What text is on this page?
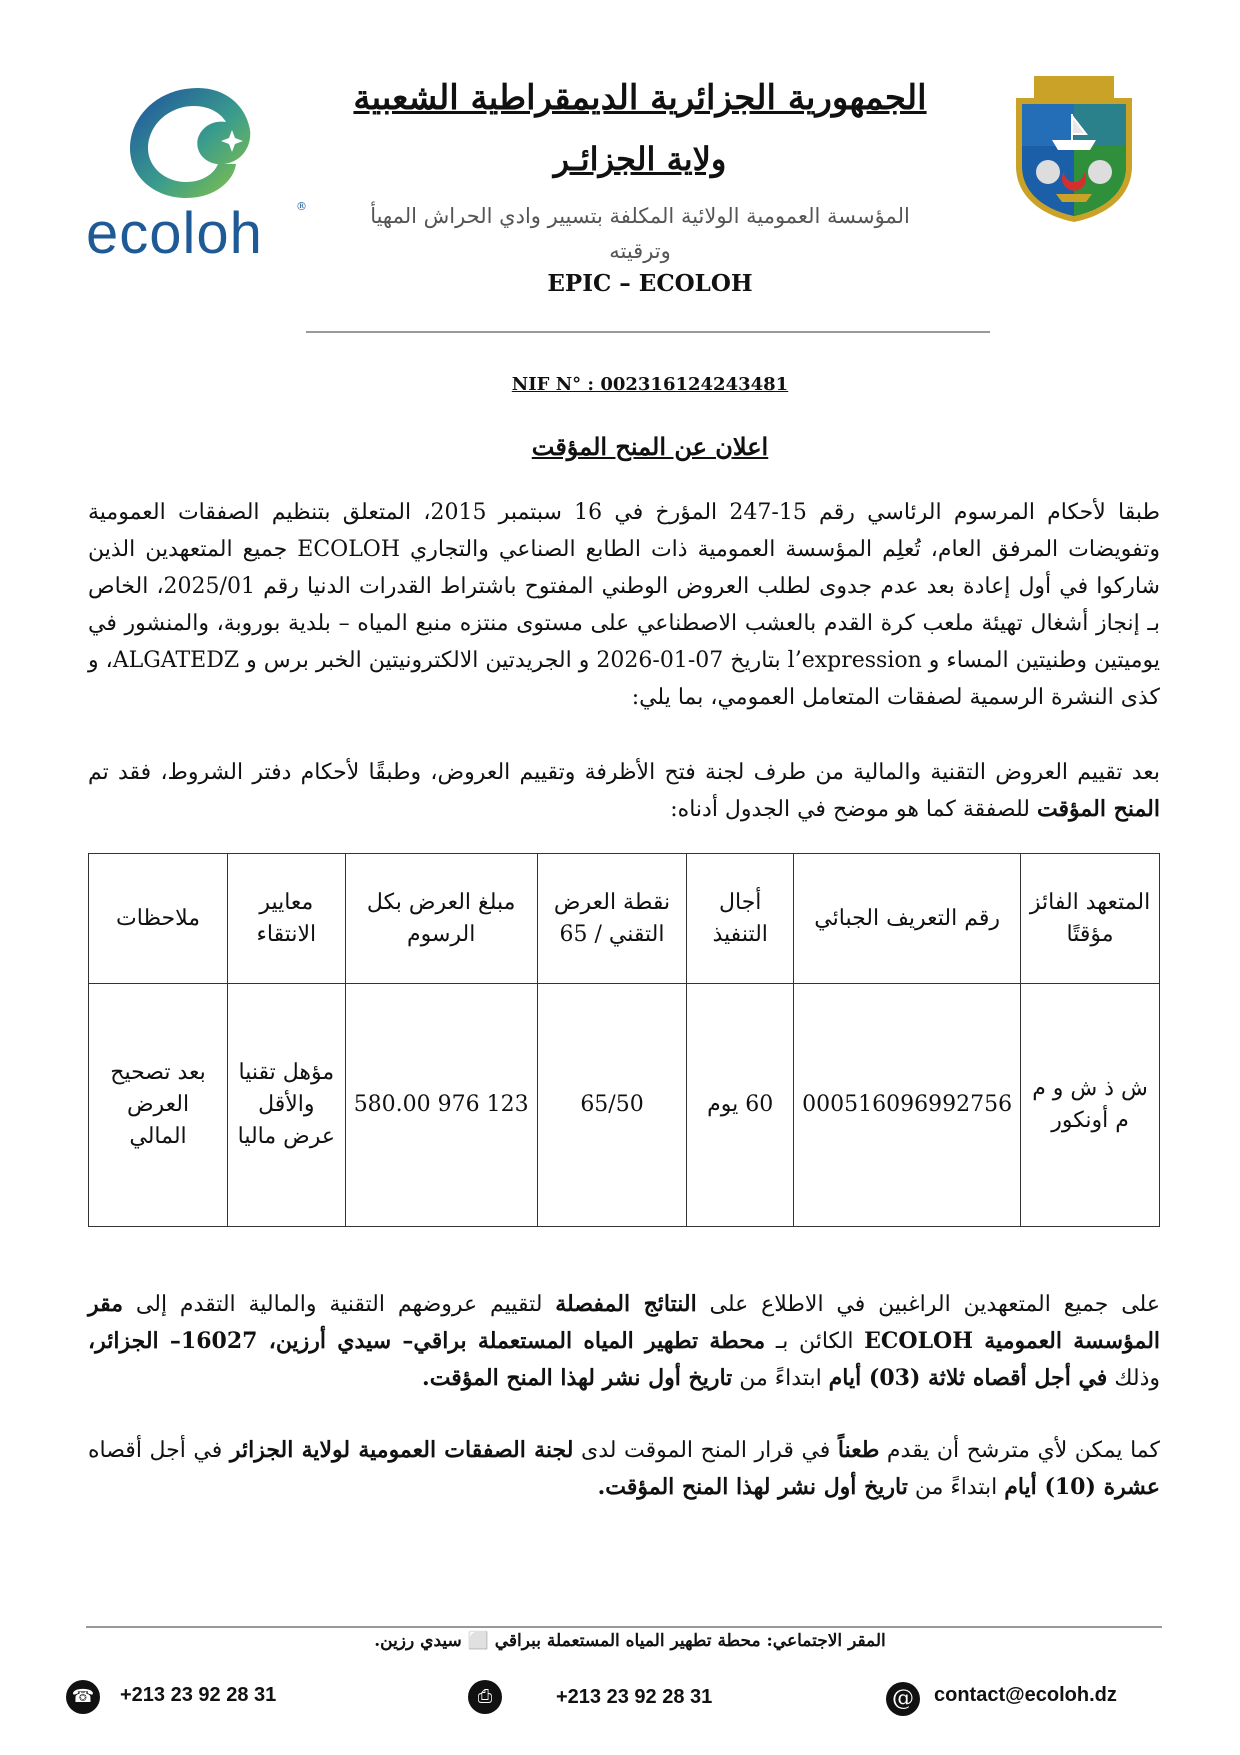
ecoloh	®
الجمهورية الجزائرية الديمقراطية الشعبية
ولاية الجزائـر
المؤسسة العمومية الولائية المكلفة بتسيير وادي الحراش المهيأ
وترقيته
EPIC – ECOLOH
NIF N° : 002316124243481
اعلان عن المنح المؤقت
طبقا لأحكام المرسوم الرئاسي رقم 15-247 المؤرخ في 16 سبتمبر 2015، المتعلق بتنظيم الصفقات العمومية وتفويضات المرفق العام، تُعلِم المؤسسة العمومية ذات الطابع الصناعي والتجاري ECOLOH جميع المتعهدين الذين شاركوا في أول إعادة بعد عدم جدوى لطلب العروض الوطني المفتوح باشتراط القدرات الدنيا رقم 2025/01، الخاص بـ إنجاز أشغال تهيئة ملعب كرة القدم بالعشب الاصطناعي على مستوى منتزه منبع المياه – بلدية بوروبة، والمنشور في يوميتين وطنيتين المساء و l’expression بتاريخ 07-01-2026 و الجريدتين الالكترونيتين الخبر برس و ALGATEDZ، و كذى النشرة الرسمية لصفقات المتعامل العمومي، بما يلي:
بعد تقييم العروض التقنية والمالية من طرف لجنة فتح الأظرفة وتقييم العروض، وطبقًا لأحكام دفتر الشروط، فقد تم المنح المؤقت للصفقة كما هو موضح في الجدول أدناه:
المتعهد الفائز مؤقتًا	رقم التعريف الجبائي	أجال التنفيذ	نقطة العرض التقني / 65	مبلغ العرض بكل الرسوم	معايير الانتقاء	ملاحظات
ش ذ ش و م م أونكور	000516096992756	60 يوم	65/50	123 976 580.00	مؤهل تقنيا والأقل عرض ماليا	بعد تصحيح العرض المالي
على جميع المتعهدين الراغبين في الاطلاع على النتائج المفصلة لتقييم عروضهم التقنية والمالية التقدم إلى مقر المؤسسة العمومية ECOLOH الكائن بـ محطة تطهير المياه المستعملة براقي– سيدي أرزين، 16027– الجزائر، وذلك في أجل أقصاه ثلاثة (03) أيام ابتداءً من تاريخ أول نشر لهذا المنح المؤقت.
كما يمكن لأي مترشح أن يقدم طعناً في قرار المنح الموقت لدى لجنة الصفقات العمومية لولاية الجزائر في أجل أقصاه عشرة (10) أيام ابتداءً من تاريخ أول نشر لهذا المنح المؤقت.
المقر الاجتماعي: محطة تطهير المياه المستعملة ببراقي ⬜ سيدي رزين.
☎ +213 23 92 28 31	⎙	+213 23 92 28 31	@	contact@ecoloh.dz
